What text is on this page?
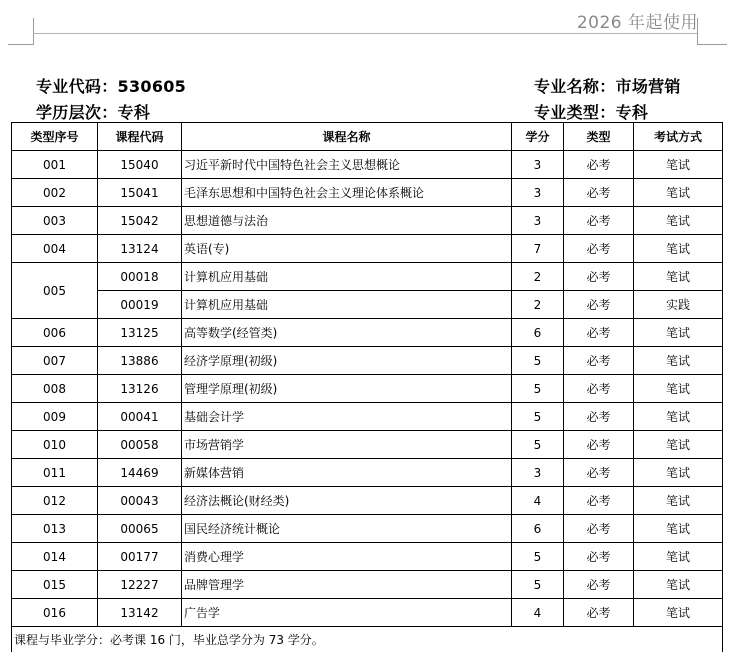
2026 年起使用
专业代码：530605
学历层次：专科
专业名称：市场营销
专业类型：专科
类型序号	课程代码	课程名称	学分	类型	考试方式
001	15040	习近平新时代中国特色社会主义思想概论	3	必考	笔试
002	15041	毛泽东思想和中国特色社会主义理论体系概论	3	必考	笔试
003	15042	思想道德与法治	3	必考	笔试
004	13124	英语(专)	7	必考	笔试
005	00018	计算机应用基础	2	必考	笔试
	00019	计算机应用基础	2	必考	实践
006	13125	高等数学(经管类)	6	必考	笔试
007	13886	经济学原理(初级)	5	必考	笔试
008	13126	管理学原理(初级)	5	必考	笔试
009	00041	基础会计学	5	必考	笔试
010	00058	市场营销学	5	必考	笔试
011	14469	新媒体营销	3	必考	笔试
012	00043	经济法概论(财经类)	4	必考	笔试
013	00065	国民经济统计概论	6	必考	笔试
014	00177	消费心理学	5	必考	笔试
015	12227	品牌管理学	5	必考	笔试
016	13142	广告学	4	必考	笔试
课程与毕业学分：必考课 16 门，毕业总学分为 73 学分。					
